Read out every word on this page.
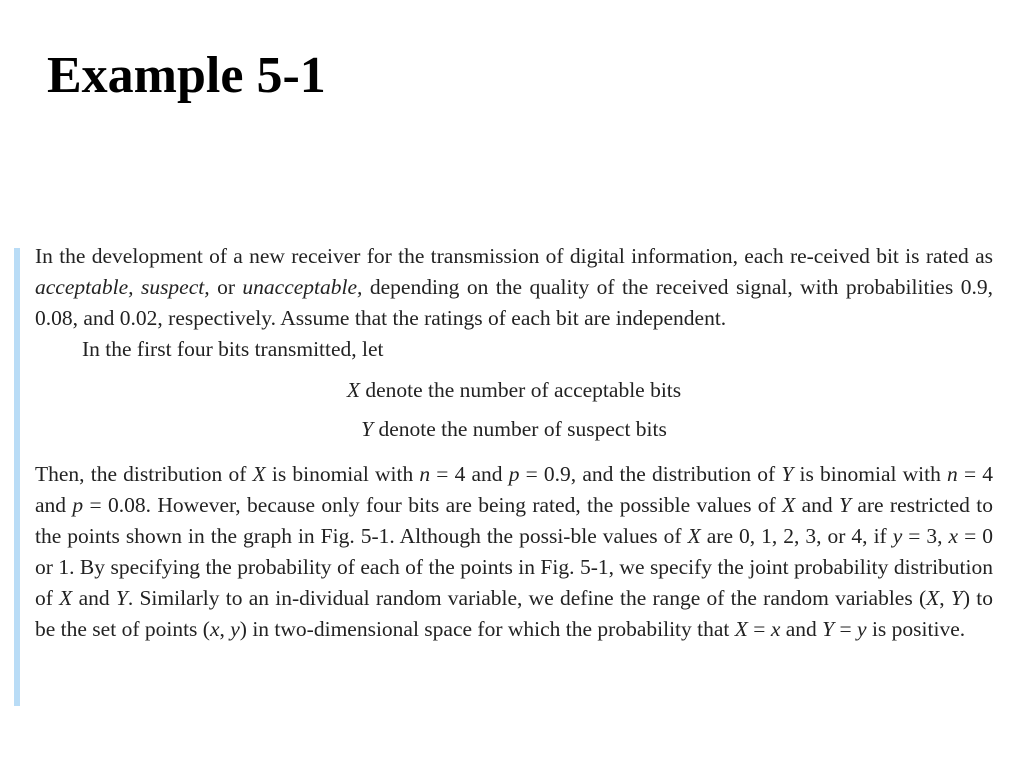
Example 5-1

In the development of a new receiver for the transmission of digital information, each re-ceived bit is rated as acceptable, suspect, or unacceptable, depending on the quality of the received signal, with probabilities 0.9, 0.08, and 0.02, respectively. Assume that the ratings of each bit are independent.

In the first four bits transmitted, let

X denote the number of acceptable bits
Y denote the number of suspect bits

Then, the distribution of X is binomial with n = 4 and p = 0.9, and the distribution of Y is binomial with n = 4 and p = 0.08. However, because only four bits are being rated, the possible values of X and Y are restricted to the points shown in the graph in Fig. 5-1. Although the possi-ble values of X are 0, 1, 2, 3, or 4, if y = 3, x = 0 or 1. By specifying the probability of each of the points in Fig. 5-1, we specify the joint probability distribution of X and Y. Similarly to an in-dividual random variable, we define the range of the random variables (X, Y) to be the set of points (x, y) in two-dimensional space for which the probability that X = x and Y = y is positive.
